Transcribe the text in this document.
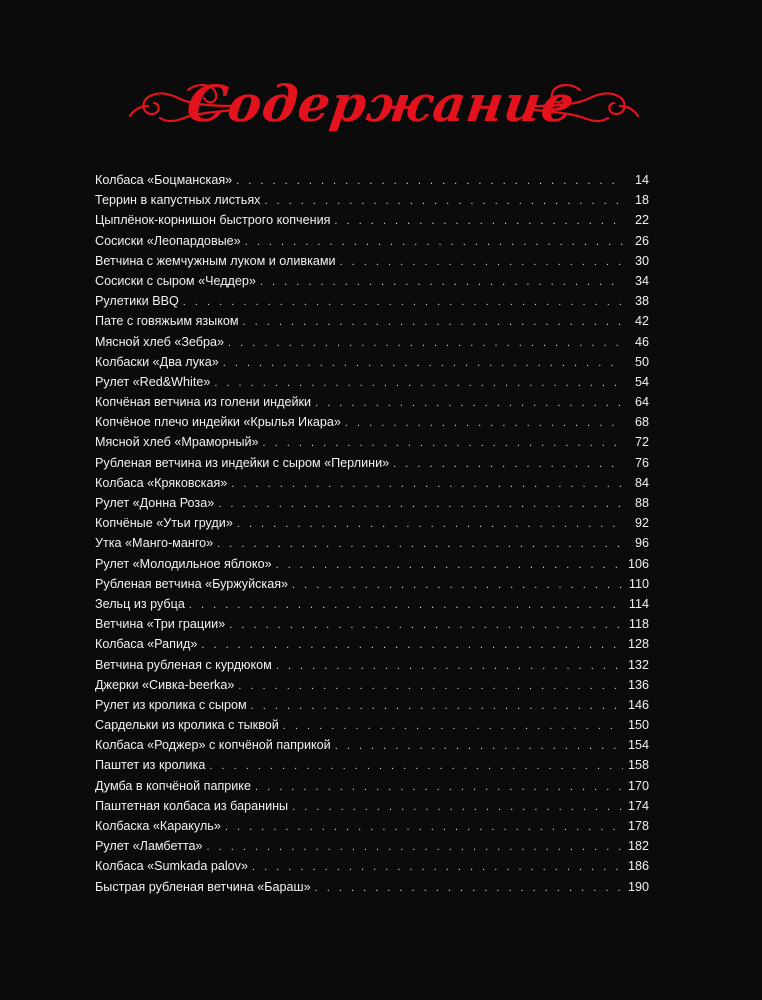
Содержание
Колбаса «Боцманская» . . .	14
Террин в капустных листьях . . .	18
Цыплёнок-корнишон быстрого копчения . . .	22
Сосиски «Леопардовые» . . .	26
Ветчина с жемчужным луком и оливками . . .	30
Сосиски с сыром «Чеддер» . . .	34
Рулетики BBQ . . .	38
Пате с говяжьим языком . . .	42
Мясной хлеб «Зебра» . . .	46
Колбаски «Два лука» . . .	50
Рулет «Red&White» . . .	54
Копчёная ветчина из голени индейки . . .	64
Копчёное плечо индейки «Крылья Икара» . . .	68
Мясной хлеб «Мраморный» . . .	72
Рубленая ветчина из индейки с сыром «Перлини» . . .	76
Колбаса «Кряковская» . . .	84
Рулет «Донна Роза» . . .	88
Копчёные «Утьи груди» . . .	92
Утка «Манго-манго» . . .	96
Рулет «Молодильное яблоко» . . .	106
Рубленая ветчина «Буржуйская» . . .	110
Зельц из рубца . . .	114
Ветчина «Три грации» . . .	118
Колбаса «Рапид» . . .	128
Ветчина рубленая с курдюком . . .	132
Джерки «Сивка-beerka» . . .	136
Рулет из кролика с сыром . . .	146
Сардельки из кролика с тыквой . . .	150
Колбаса «Роджер» с копчёной паприкой . . .	154
Паштет из кролика . . .	158
Думба в копчёной паприке . . .	170
Паштетная колбаса из баранины . . .	174
Колбаска «Каракуль» . . .	178
Рулет «Ламбетта» . . .	182
Колбаса «Sumkada palov» . . .	186
Быстрая рубленая ветчина «Бараш» . . .	190
